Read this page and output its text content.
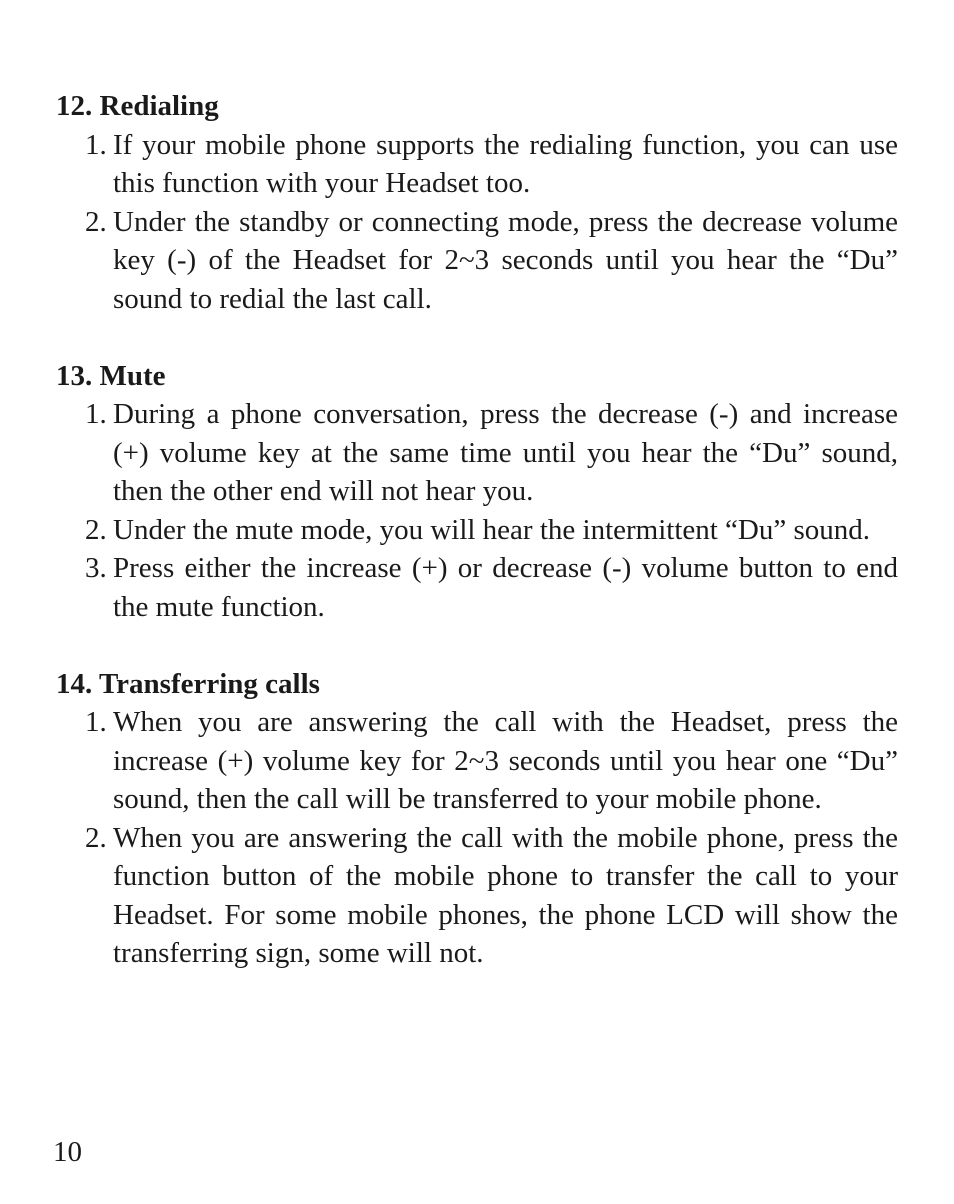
12. Redialing

1. If your mobile phone supports the redialing function, you can use this function with your Headset too.

2. Under the standby or connecting mode, press the decrease volume key (-) of the Headset for 2~3 seconds until you hear the “Du” sound to redial the last call.

13. Mute

1. During a phone conversation, press the decrease (-) and increase (+) volume key at the same time until you hear the “Du” sound, then the other end will not hear you.

2. Under the mute mode, you will hear the intermittent “Du” sound.

3. Press either the increase (+) or decrease (-) volume button to end the mute function.

14. Transferring calls

1. When you are answering the call with the Headset, press the increase (+) volume key for 2~3 seconds until you hear one “Du” sound, then the call will be transferred to your mobile phone.

2. When you are answering the call with the mobile phone, press the function button of the mobile phone to transfer the call to your Headset. For some mobile phones, the phone LCD will show the transferring sign, some will not.

10
